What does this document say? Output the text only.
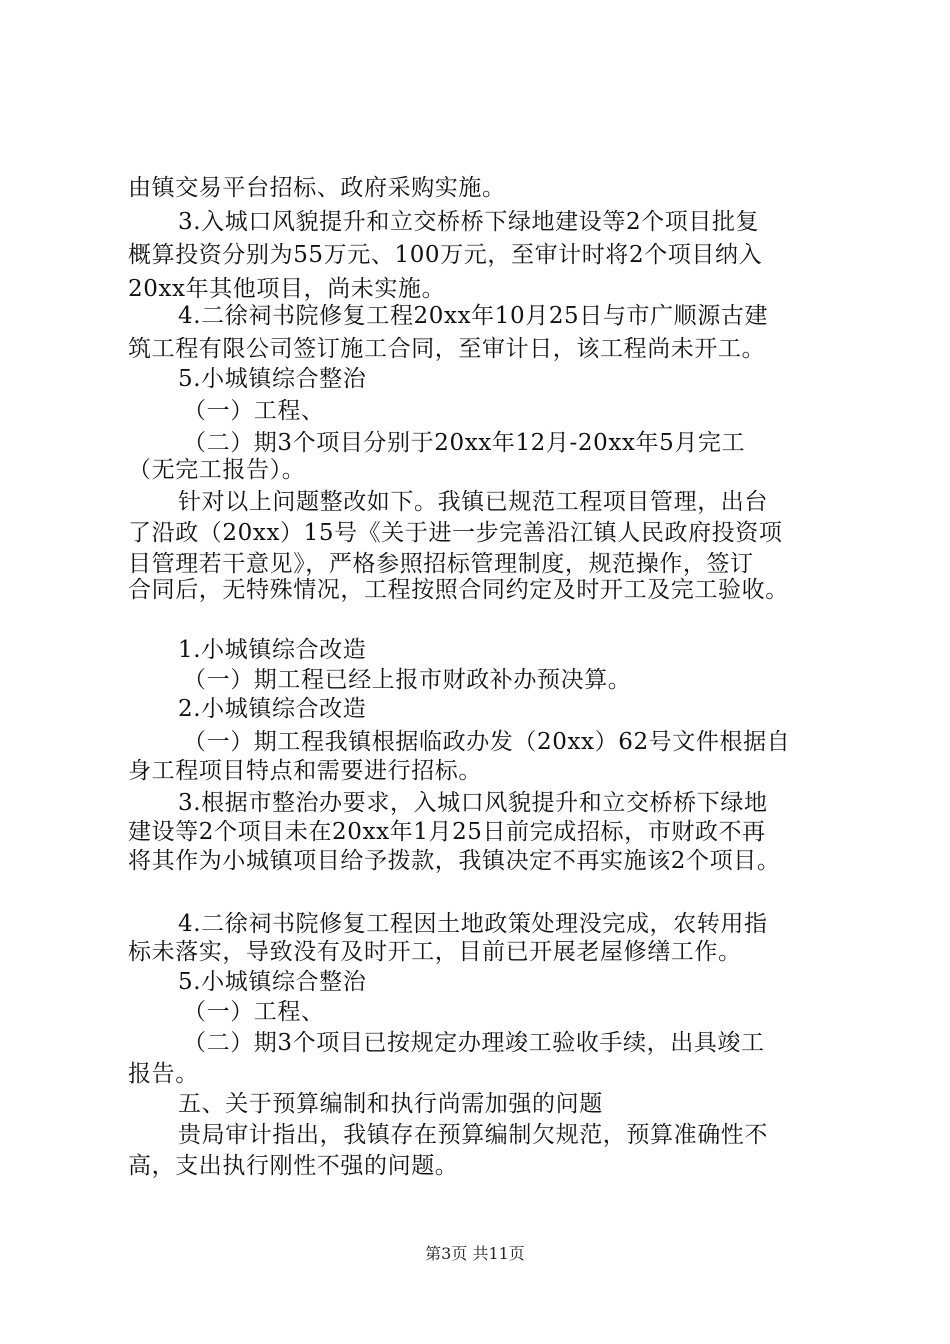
由镇交易平台招标、政府采购实施。
3.入城口风貌提升和立交桥桥下绿地建设等2个项目批复
概算投资分别为55万元、100万元，至审计时将2个项目纳入
20xx年其他项目，尚未实施。
4.二徐祠书院修复工程20xx年10月25日与市广顺源古建
筑工程有限公司签订施工合同，至审计日，该工程尚未开工。
5.小城镇综合整治
（一）工程、
（二）期3个项目分别于20xx年12月-20xx年5月完工
（无完工报告）。
针对以上问题整改如下。我镇已规范工程项目管理，出台
了沿政（20xx）15号《关于进一步完善沿江镇人民政府投资项
目管理若干意见》，严格参照招标管理制度，规范操作，签订
合同后，无特殊情况，工程按照合同约定及时开工及完工验收。
1.小城镇综合改造
（一）期工程已经上报市财政补办预决算。
2.小城镇综合改造
（一）期工程我镇根据临政办发（20xx）62号文件根据自
身工程项目特点和需要进行招标。
3.根据市整治办要求，入城口风貌提升和立交桥桥下绿地
建设等2个项目未在20xx年1月25日前完成招标，市财政不再
将其作为小城镇项目给予拨款，我镇决定不再实施该2个项目。
4.二徐祠书院修复工程因土地政策处理没完成，农转用指
标未落实，导致没有及时开工，目前已开展老屋修缮工作。
5.小城镇综合整治
（一）工程、
（二）期3个项目已按规定办理竣工验收手续，出具竣工
报告。
五、关于预算编制和执行尚需加强的问题
贵局审计指出，我镇存在预算编制欠规范，预算准确性不
高，支出执行刚性不强的问题。
第3页 共11页
